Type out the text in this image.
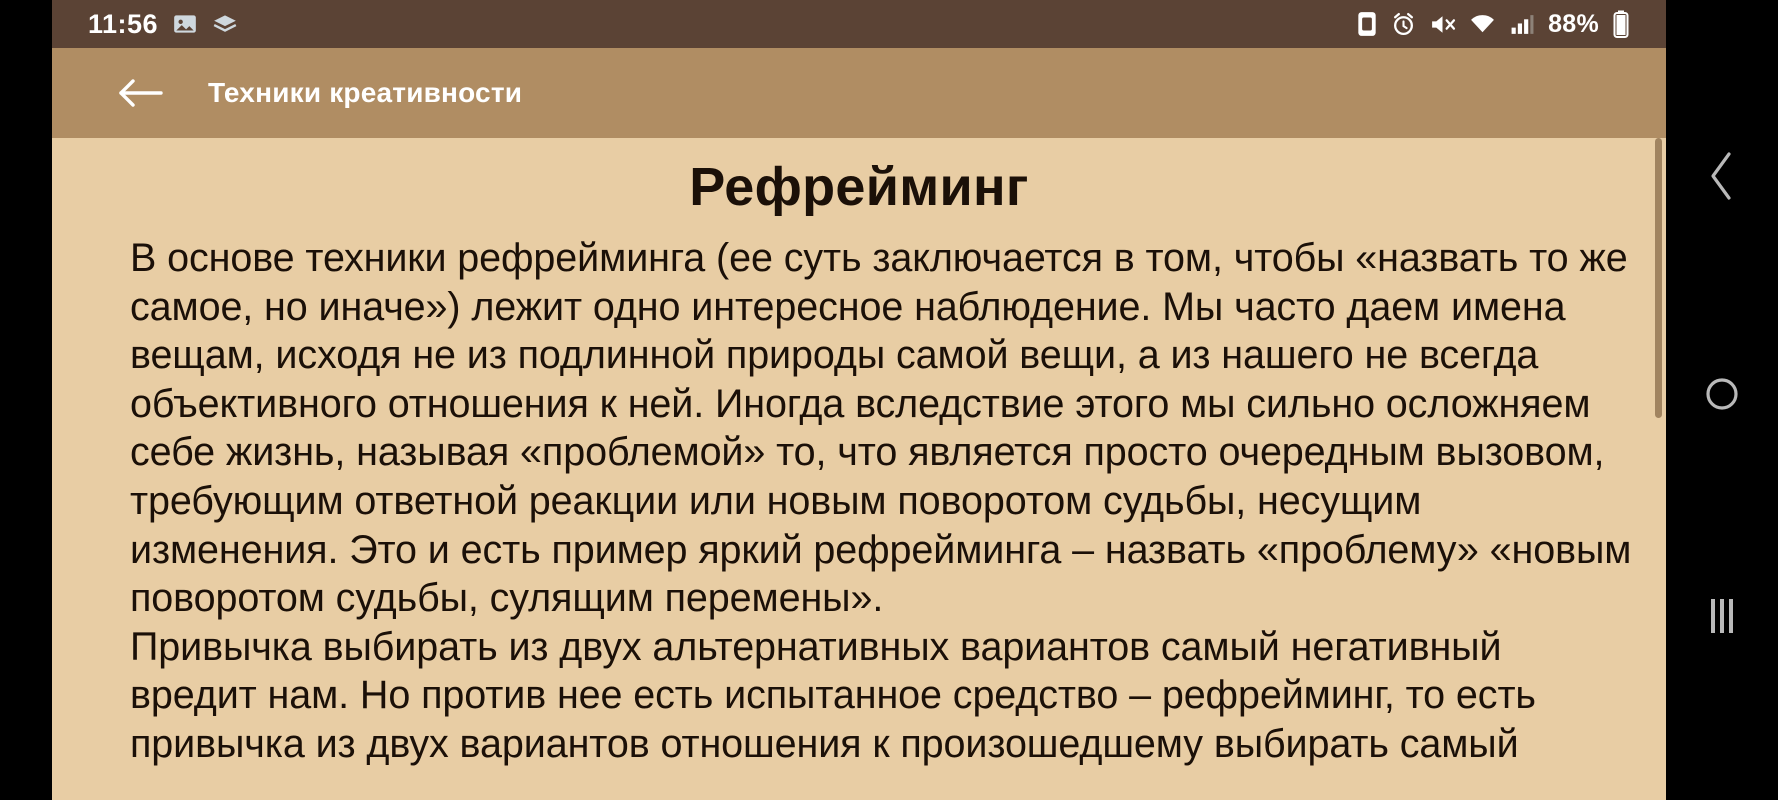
11:56	88%
Техники креативности
Рефрейминг

В основе техники рефрейминга (ее суть заключается в том, чтобы «назвать то же самое, но иначе») лежит одно интересное наблюдение. Мы часто даем имена вещам, исходя не из подлинной природы самой вещи, а из нашего не всегда объективного отношения к ней. Иногда вследствие этого мы сильно осложняем себе жизнь, называя «проблемой» то, что является просто очередным вызовом, требующим ответной реакции или новым поворотом судьбы, несущим изменения. Это и есть пример яркий рефрейминга – назвать «проблему» «новым поворотом судьбы, сулящим перемены».

Привычка выбирать из двух альтернативных вариантов самый негативный вредит нам. Но против нее есть испытанное средство – рефрейминг, то есть привычка из двух вариантов отношения к произошедшему выбирать самый
